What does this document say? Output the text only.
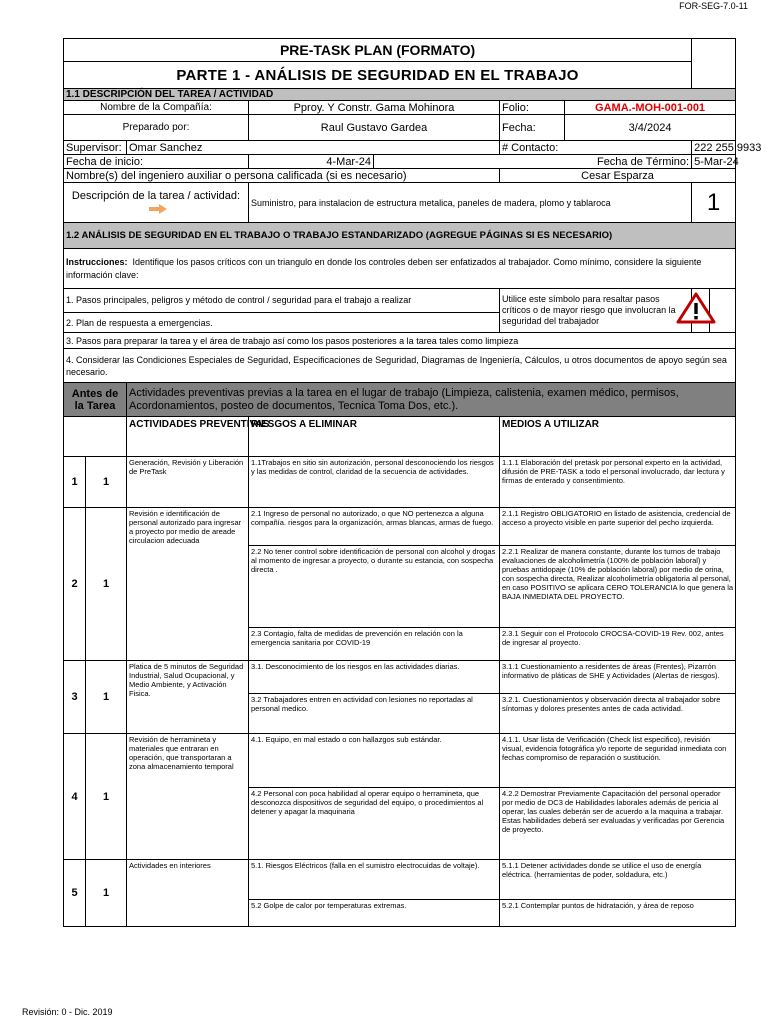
FOR-SEG-7.0-11
PRE-TASK PLAN (FORMATO)								
PARTE 1 - ANÁLISIS DE SEGURIDAD EN EL TRABAJO								
1.1 DESCRIPCIÓN DEL TAREA / ACTIVIDAD								
Nombre de la Compañía:			Pproy. Y Constr. Gama Mohinora		Folio:	GAMA.-MOH-001-001		
Preparado por:			Raul Gustavo Gardea		Fecha:	3/4/2024		
Supervisor:		Omar Sanchez			# Contacto:		222 255 9933	
Fecha de inicio:			4-Mar-24	Fecha de Término:			5-Mar-24	
Nombre(s) del ingeniero auxiliar o persona calificada (si es necesario)					Cesar Esparza			
Descripción de la tarea / actividad:			Suministro, para instalacion de estructura metalica, paneles de madera, plomo y tablaroca				1	
1.2 ANÁLISIS DE SEGURIDAD EN EL TRABAJO O TRABAJO ESTANDARIZADO (AGREGUE PÁGINAS SI ES NECESARIO)								
Instrucciones: Identifique los pasos críticos con un triangulo en donde los controles deben ser enfatizados al trabajador. Como mínimo, considere la siguiente información clave:								
1. Pasos principales, peligros y método de control / seguridad para el trabajo a realizar					Utilice este símbolo para resaltar pasos críticos o de mayor riesgo que involucran la seguridad del trabajador		
2. Plan de respuesta a emergencias.								
3. Pasos para preparar la tarea y el área de trabajo así como los pasos posteriores a la tarea tales como limpieza								
4. Considerar las Condiciones Especiales de Seguridad, Especificaciones de Seguridad, Diagramas de Ingeniería, Cálculos, u otros documentos de apoyo según sea necesario.								
Antes de la Tarea		Actividades preventivas previas a la tarea en el lugar de trabajo (Limpieza, calistenia, examen médico, permisos, Acordonamientos, posteo de documentos, Tecnica Toma Dos, etc.).						
		ACTIVIDADES PREVENTIVAS	RIESGOS A ELIMINAR		MEDIOS A UTILIZAR			
1	1	Generación, Revisión y Liberación de PreTask	1.1Trabajos en sitio sin autorización, personal desconociendo los riesgos y las medidas de control, claridad de la secuencia de actividades.		1.1.1 Elaboración del pretask por personal experto en la actividad, difusión de PRE-TASK a todo el personal involucrado, dar lectura y firmas de enterado y consentimiento.			
2	1	Revisión e identificación de personal autorizado para ingresar a proyecto por medio de areade circulacion adecuada	2.1 Ingreso de personal no autorizado, o que NO pertenezca a alguna compañía. riesgos para la organización, armas blancas, armas de fuego.		2.1.1 Registro OBLIGATORIO en listado de asistencia, credencial de acceso a proyecto visible en parte superior del pecho izquierda.			
			2.2 No tener control sobre identificación de personal con alcohol y drogas al momento de ingresar a proyecto, o durante su estancia, con sospecha directa .		2.2.1 Realizar de manera constante, durante los turnos de trabajo evaluaciones de alcoholimetría (100% de población laboral) y pruebas antidopaje (10% de población laboral) por medio de orina, con sospecha directa, Realizar alcoholimetría obligatoria al personal, en caso POSITIVO se aplicara CERO TOLERANCIA lo que genera la BAJA INMEDIATA DEL PROYECTO.			
			2.3 Contagio, falta de medidas de prevención en relación con la emergencia sanitaria por COVID-19		2.3.1 Seguir con el Protocolo CROCSA-COVID-19 Rev. 002, antes de ingresar al proyecto.			
3	1	Platica de 5 minutos de Seguridad Industrial, Salud Ocupacional, y Medio Ambiente, y Activación Fisica.	3.1. Desconocimiento de los riesgos en las actividades diarias.		3.1.1 Cuestionamiento a residentes de áreas (Frentes), Pizarrón informativo de pláticas de SHE y Actividades (Alertas de riesgos).			
			3.2 Trabajadores entren en actividad con lesiones no reportadas al personal medico.		3.2.1. Cuestionamientos y observación directa al trabajador sobre síntomas y dolores presentes antes de cada actividad.			
4	1	Revisión de herramineta y materiales que entraran en operación, que transportaran a zona almacenamiento temporal	4.1. Equipo, en mal estado o con hallazgos sub estándar.		4.1.1. Usar lista de Verificación (Check list especifico), revisión visual, evidencia fotográfica y/o reporte de seguridad inmediata con fechas compromiso de reparación o sustitución.			
			4.2 Personal con poca habilidad al operar equipo o herramineta, que desconozca dispositivos de seguridad del equipo, o procedimientos al detener y apagar la maquinaria		4.2.2 Demostrar Previamente Capacitación del personal operador por medio de DC3 de Habilidades laborales además de pericia al operar, las cuales deberán ser de acuerdo a la maquina a trabajar. Estas habilidades deberá ser evaluadas y verificadas por Gerencia de proyecto.			
5	1	Actividades en interiores	5.1. Riesgos Eléctricos (falla en el sumistro electrocuidas de voltaje).		5.1.1 Detener actividades donde se utilice el uso de energía eléctrica. (herramientas de poder, soldadura, etc.)			
			5.2 Golpe de calor por temperaturas extremas.		5.2.1 Contemplar puntos de hidratación, y área de reposo			
Revisión: 0 - Dic. 2019
